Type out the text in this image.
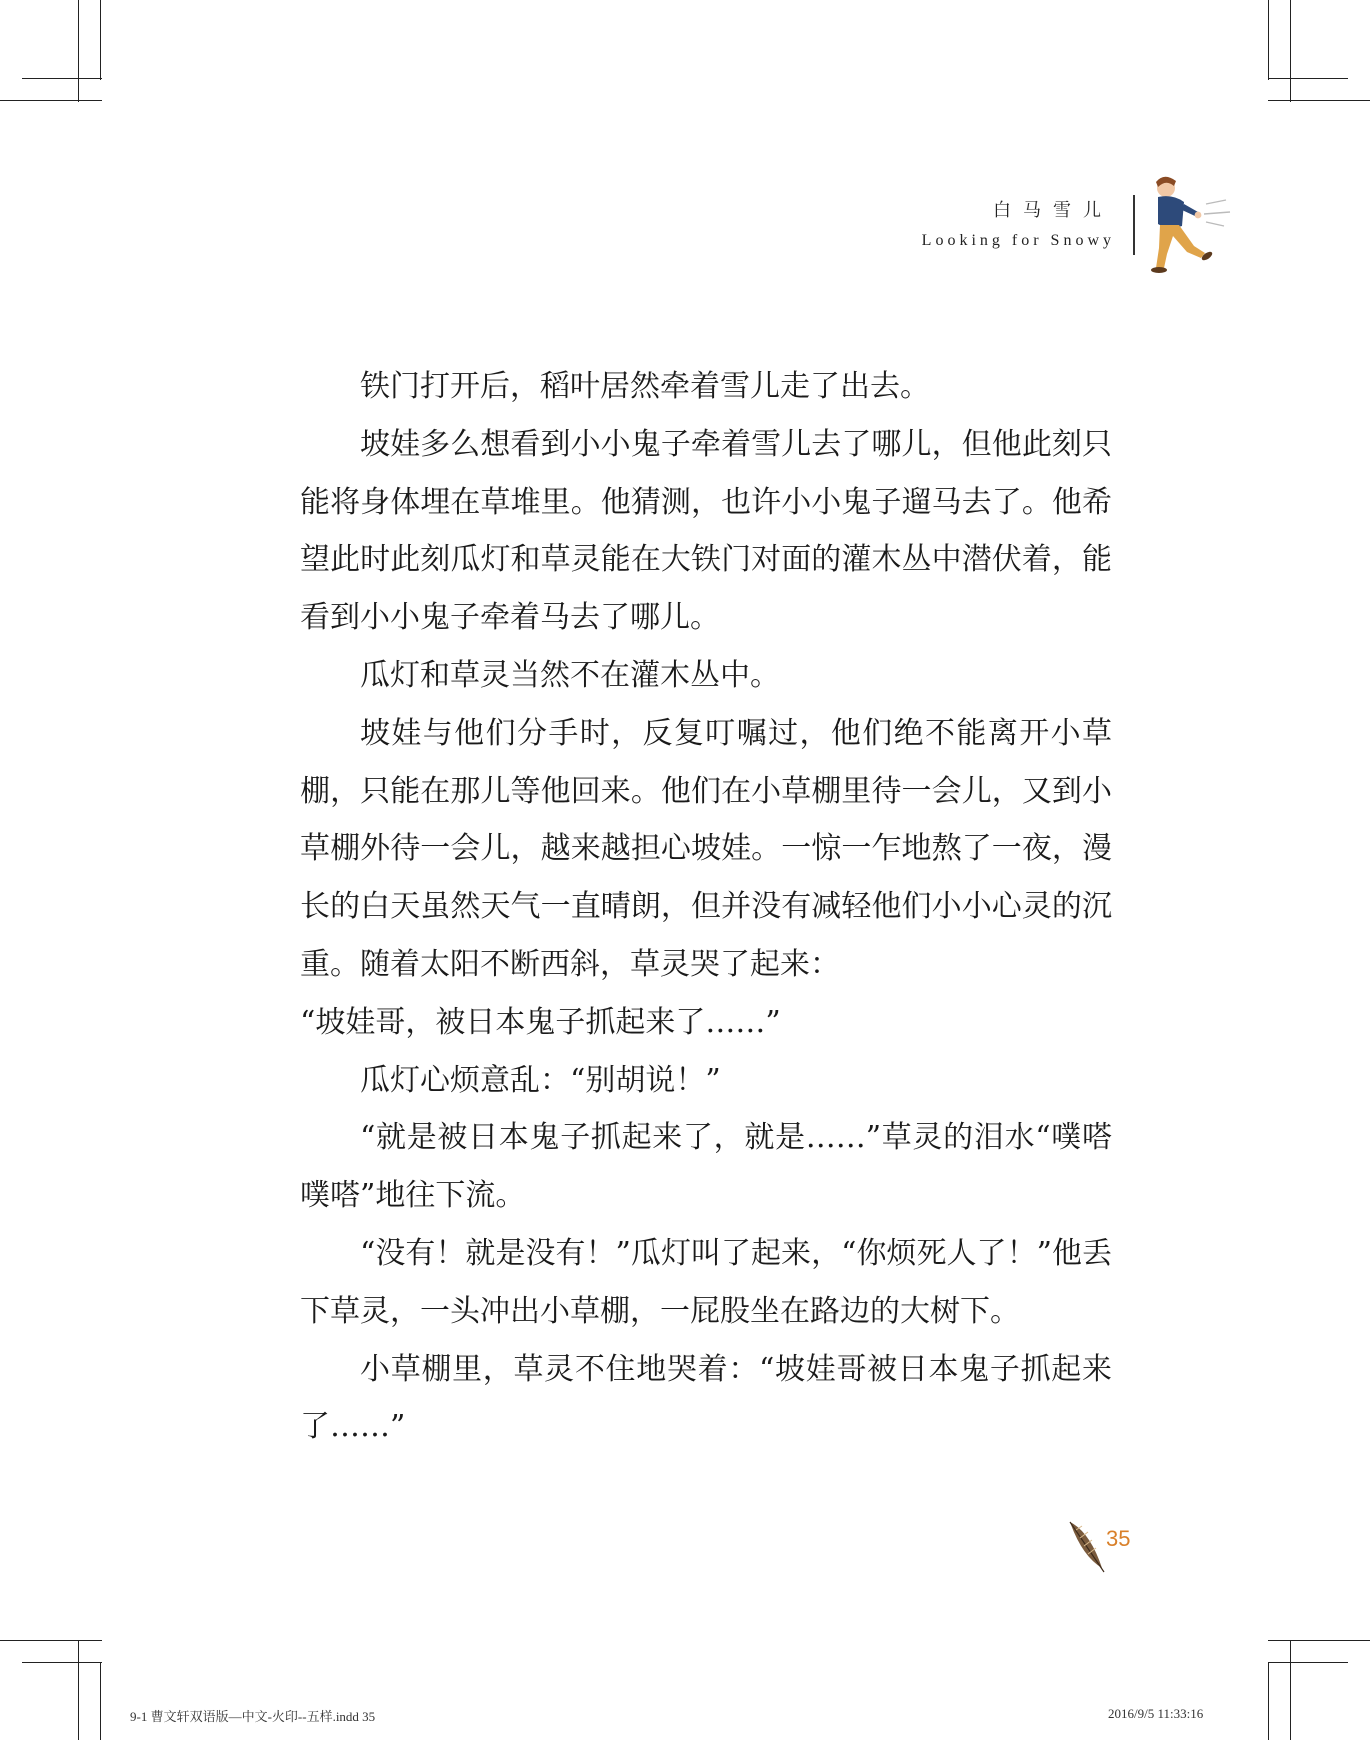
白马雪儿
Looking for Snowy

铁门打开后，稻叶居然牵着雪儿走了出去。

坡娃多么想看到小小鬼子牵着雪儿去了哪儿，但他此刻只能将身体埋在草堆里。他猜测，也许小小鬼子遛马去了。他希望此时此刻瓜灯和草灵能在大铁门对面的灌木丛中潜伏着，能看到小小鬼子牵着马去了哪儿。

瓜灯和草灵当然不在灌木丛中。

坡娃与他们分手时，反复叮嘱过，他们绝不能离开小草棚，只能在那儿等他回来。他们在小草棚里待一会儿，又到小草棚外待一会儿，越来越担心坡娃。一惊一乍地熬了一夜，漫长的白天虽然天气一直晴朗，但并没有减轻他们小小心灵的沉重。随着太阳不断西斜，草灵哭了起来：

“坡娃哥，被日本鬼子抓起来了……”

瓜灯心烦意乱：“别胡说！”

“就是被日本鬼子抓起来了，就是……”草灵的泪水“噗嗒噗嗒”地往下流。

“没有！就是没有！”瓜灯叫了起来，“你烦死人了！”他丢下草灵，一头冲出小草棚，一屁股坐在路边的大树下。

小草棚里，草灵不住地哭着：“坡娃哥被日本鬼子抓起来了……”

35
9-1 曹文轩双语版—中文-火印--五样.indd 35	2016/9/5 11:33:16
